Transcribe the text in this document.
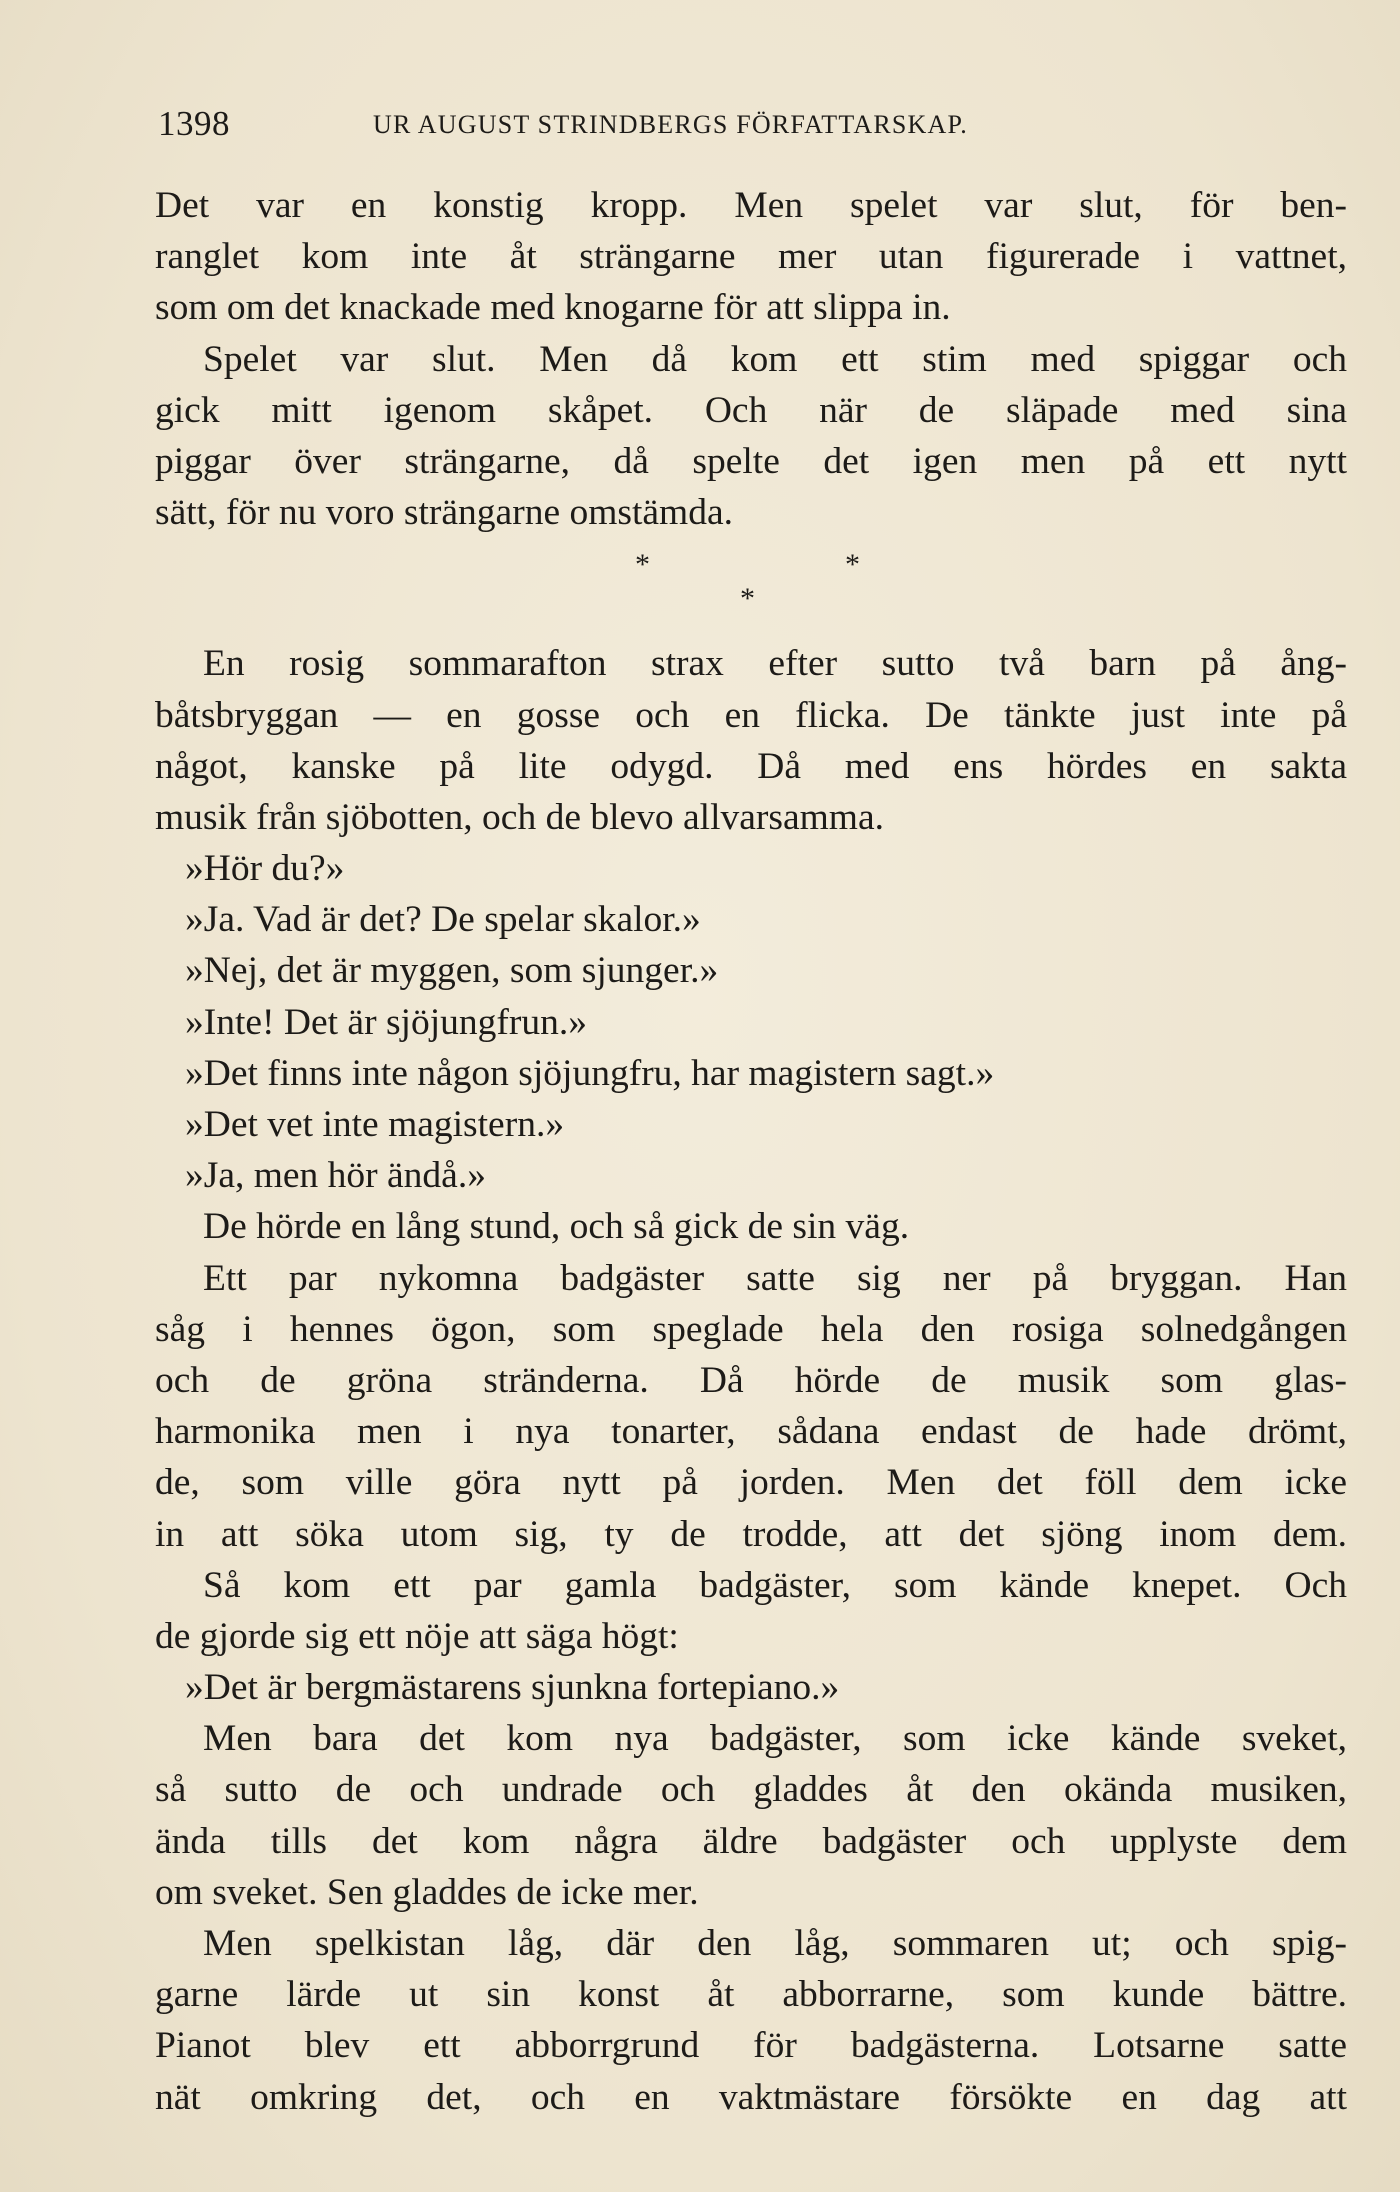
1398	UR AUGUST STRINDBERGS FÖRFATTARSKAP.
Det var en konstig kropp. Men spelet var slut, för ben-
ranglet kom inte åt strängarne mer utan figurerade i vattnet,
som om det knackade med knogarne för att slippa in.
Spelet var slut. Men då kom ett stim med spiggar och
gick mitt igenom skåpet. Och när de släpade med sina
piggar över strängarne, då spelte det igen men på ett nytt
sätt, för nu voro strängarne omstämda.
*	*
*
En rosig sommarafton strax efter sutto två barn på ång-
båtsbryggan — en gosse och en flicka. De tänkte just inte på
något, kanske på lite odygd. Då med ens hördes en sakta
musik från sjöbotten, och de blevo allvarsamma.
»Hör du?»
»Ja. Vad är det? De spelar skalor.»
»Nej, det är myggen, som sjunger.»
»Inte! Det är sjöjungfrun.»
»Det finns inte någon sjöjungfru, har magistern sagt.»
»Det vet inte magistern.»
»Ja, men hör ändå.»
De hörde en lång stund, och så gick de sin väg.
Ett par nykomna badgäster satte sig ner på bryggan. Han
såg i hennes ögon, som speglade hela den rosiga solnedgången
och de gröna stränderna. Då hörde de musik som glas-
harmonika men i nya tonarter, sådana endast de hade drömt,
de, som ville göra nytt på jorden. Men det föll dem icke
in att söka utom sig, ty de trodde, att det sjöng inom dem.
Så kom ett par gamla badgäster, som kände knepet. Och
de gjorde sig ett nöje att säga högt:
»Det är bergmästarens sjunkna fortepiano.»
Men bara det kom nya badgäster, som icke kände sveket,
så sutto de och undrade och gladdes åt den okända musiken,
ända tills det kom några äldre badgäster och upplyste dem
om sveket. Sen gladdes de icke mer.
Men spelkistan låg, där den låg, sommaren ut; och spig-
garne lärde ut sin konst åt abborrarne, som kunde bättre.
Pianot blev ett abborrgrund för badgästerna. Lotsarne satte
nät omkring det, och en vaktmästare försökte en dag att
